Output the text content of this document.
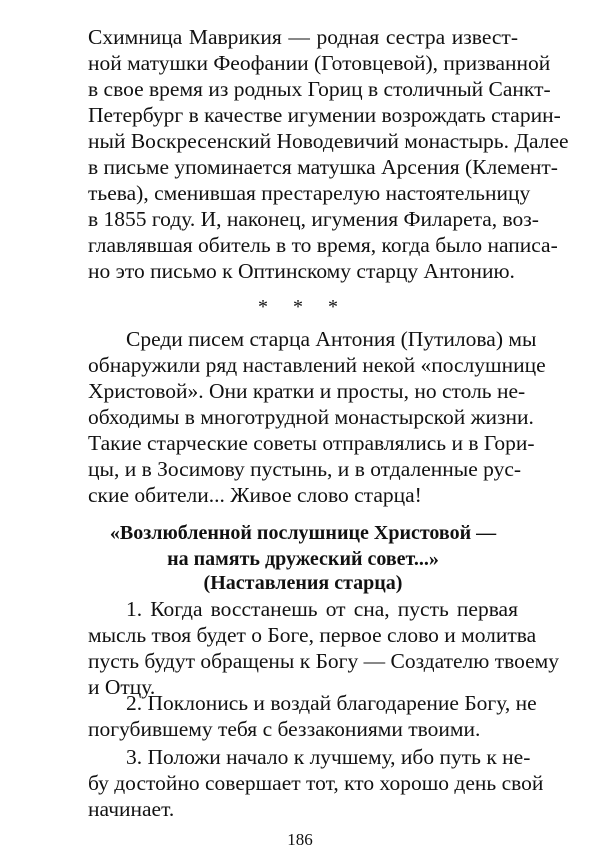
Схимница Маврикия — родная сестра извест-
ной матушки Феофании (Готовцевой), призванной
в свое время из родных Гориц в столичный Санкт-
Петербург в качестве игумении возрождать старин-
ный Воскресенский Новодевичий монастырь. Далее
в письме упоминается матушка Арсения (Клемент-
тьева), сменившая престарелую настоятельницу
в 1855 году. И, наконец, игумения Филарета, воз-
главлявшая обитель в то время, когда было написа-
но это письмо к Оптинскому старцу Антонию.
* * *
Среди писем старца Антония (Путилова) мы
обнаружили ряд наставлений некой «послушнице
Христовой». Они кратки и просты, но столь не-
обходимы в многотрудной монастырской жизни.
Такие старческие советы отправлялись и в Гори-
цы, и в Зосимову пустынь, и в отдаленные рус-
ские обители... Живое слово старца!
«Возлюбленной послушнице Христовой —
на память дружеский совет...»
(Наставления старца)
1. Когда восстанешь от сна, пусть первая
мысль твоя будет о Боге, первое слово и молитва
пусть будут обращены к Богу — Создателю твоему
и Отцу.
2. Поклонись и воздай благодарение Богу, не
погубившему тебя с беззакониями твоими.
3. Положи начало к лучшему, ибо путь к не-
бу достойно совершает тот, кто хорошо день свой
начинает.
186
